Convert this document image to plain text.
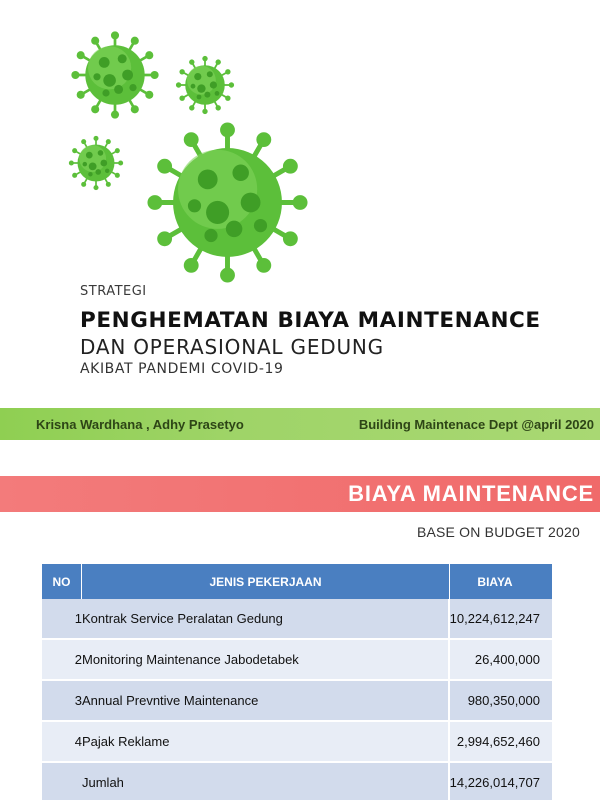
STRATEGI
PENGHEMATAN BIAYA MAINTENANCE
DAN OPERASIONAL GEDUNG
AKIBAT PANDEMI COVID-19
Krisna Wardhana , Adhy Prasetyo	Building Maintenace Dept @april 2020
BIAYA MAINTENANCE
BASE ON BUDGET 2020
NO	JENIS PEKERJAAN	BIAYA
1 Kontrak Service Peralatan Gedung	10,224,612,247
2 Monitoring Maintenance Jabodetabek	26,400,000
3 Annual Prevntive Maintenance	980,350,000
4 Pajak Reklame	2,994,652,460
Jumlah	14,226,014,707
